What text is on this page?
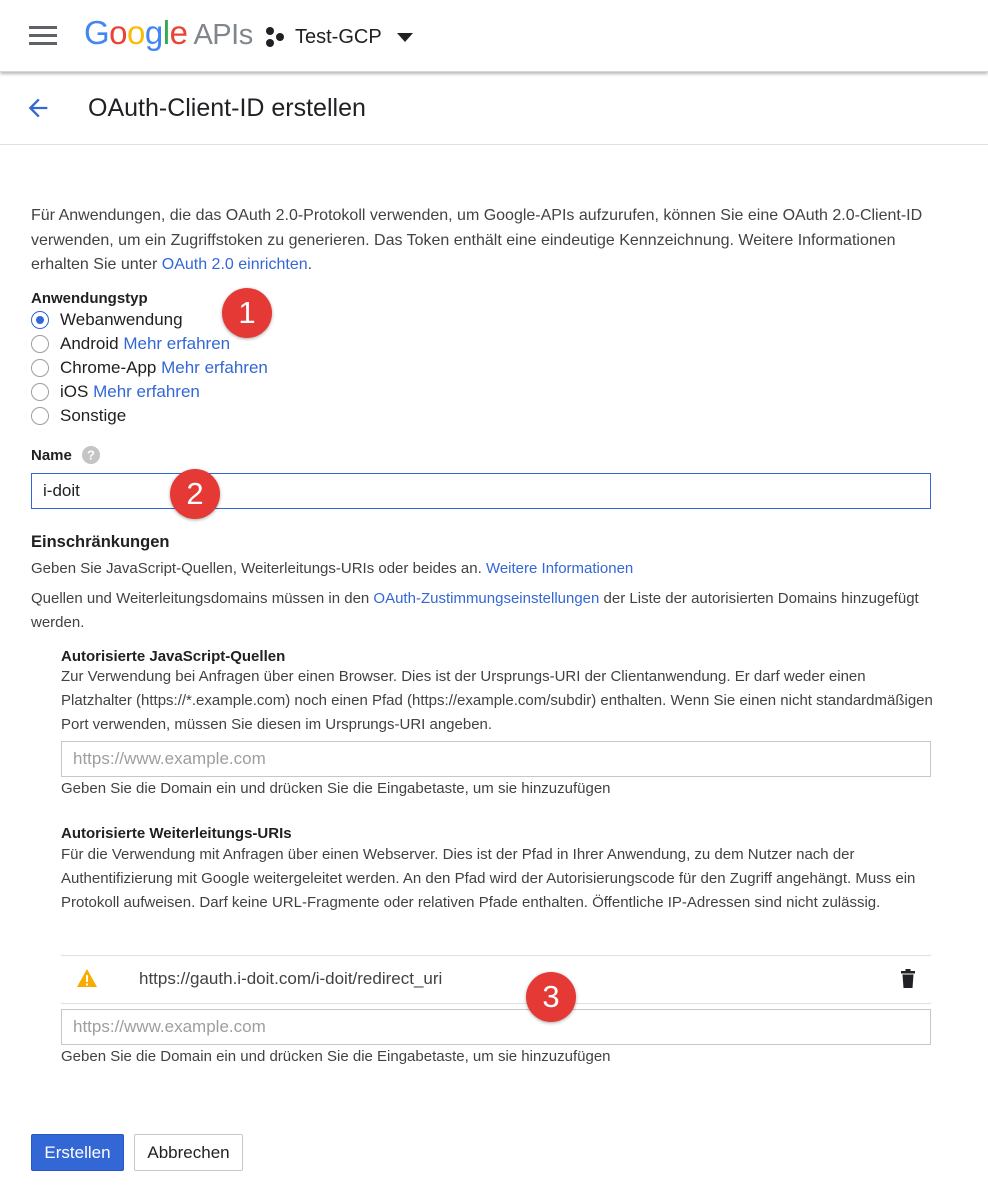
Google APIs Test-GCP
OAuth-Client-ID erstellen
Für Anwendungen, die das OAuth 2.0-Protokoll verwenden, um Google-APIs aufzurufen, können Sie eine OAuth 2.0-Client-ID verwenden, um ein Zugriffstoken zu generieren. Das Token enthält eine eindeutige Kennzeichnung. Weitere Informationen erhalten Sie unter OAuth 2.0 einrichten.
Anwendungstyp
Webanwendung
Android
Mehr erfahren
Chrome-App
Mehr erfahren
iOS
Mehr erfahren
Sonstige
Name ?
i-doit
Einschränkungen
Geben Sie JavaScript-Quellen, Weiterleitungs-URIs oder beides an. Weitere Informationen
Quellen und Weiterleitungsdomains müssen in den OAuth-Zustimmungseinstellungen der Liste der autorisierten Domains hinzugefügt werden.
Autorisierte JavaScript-Quellen
Zur Verwendung bei Anfragen über einen Browser. Dies ist der Ursprungs-URI der Clientanwendung. Er darf weder einen Platzhalter (https://*.example.com) noch einen Pfad (https://example.com/subdir) enthalten. Wenn Sie einen nicht standardmäßigen Port verwenden, müssen Sie diesen im Ursprungs-URI angeben.
https://www.example.com
Geben Sie die Domain ein und drücken Sie die Eingabetaste, um sie hinzuzufügen
Autorisierte Weiterleitungs-URIs
Für die Verwendung mit Anfragen über einen Webserver. Dies ist der Pfad in Ihrer Anwendung, zu dem Nutzer nach der Authentifizierung mit Google weitergeleitet werden. An den Pfad wird der Autorisierungscode für den Zugriff angehängt. Muss ein Protokoll aufweisen. Darf keine URL-Fragmente oder relativen Pfade enthalten. Öffentliche IP-Adressen sind nicht zulässig.
https://gauth.i-doit.com/i-doit/redirect_uri
https://www.example.com
Geben Sie die Domain ein und drücken Sie die Eingabetaste, um sie hinzuzufügen
Erstellen	Abbrechen
1
2
3
